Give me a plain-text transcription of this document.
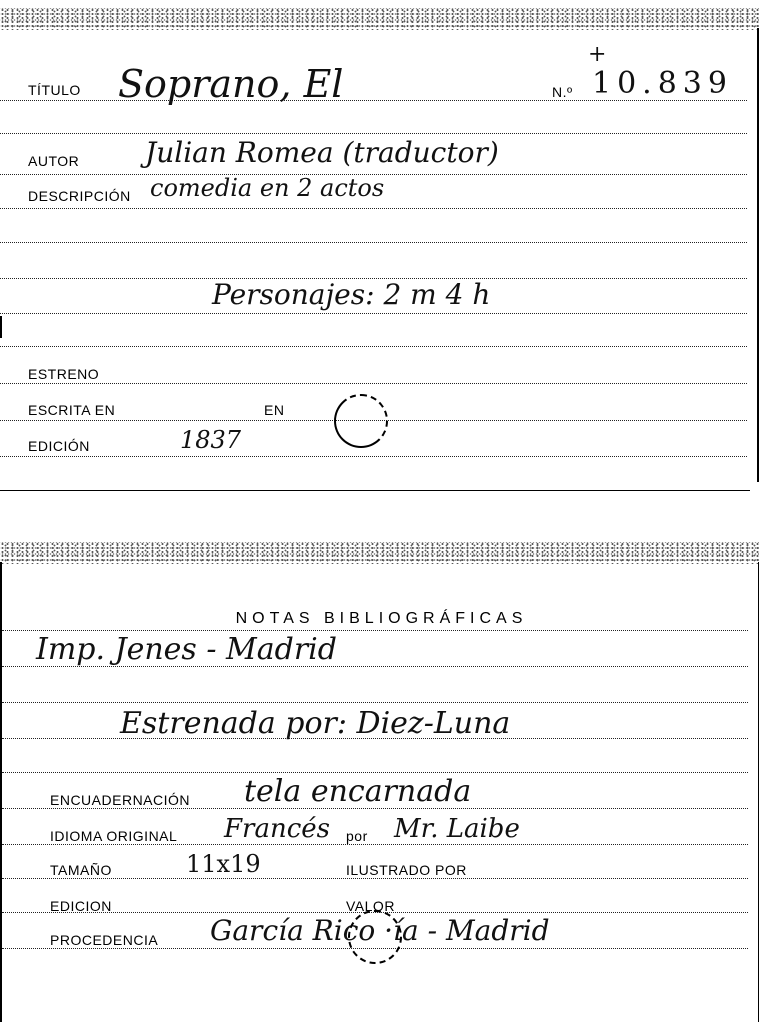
TÍTULO Soprano, El	N.º
+
10.839
AUTOR Julian Romea (traductor)
DESCRIPCIÓN comedia en 2 actos
Personajes: 2 m 4 h
ESTRENO
ESCRITA EN	EN
EDICIÓN	1837
NOTAS BIBLIOGRÁFICAS
Imp. Jenes - Madrid
Estrenada por: Diez-Luna
ENCUADERNACIÓN tela encarnada
IDIOMA ORIGINAL Francés por Mr. Laibe
TAMAÑO	11x19	ILUSTRADO POR
EDICION	VALOR
PROCEDENCIA García Rico ·ía - Madrid
